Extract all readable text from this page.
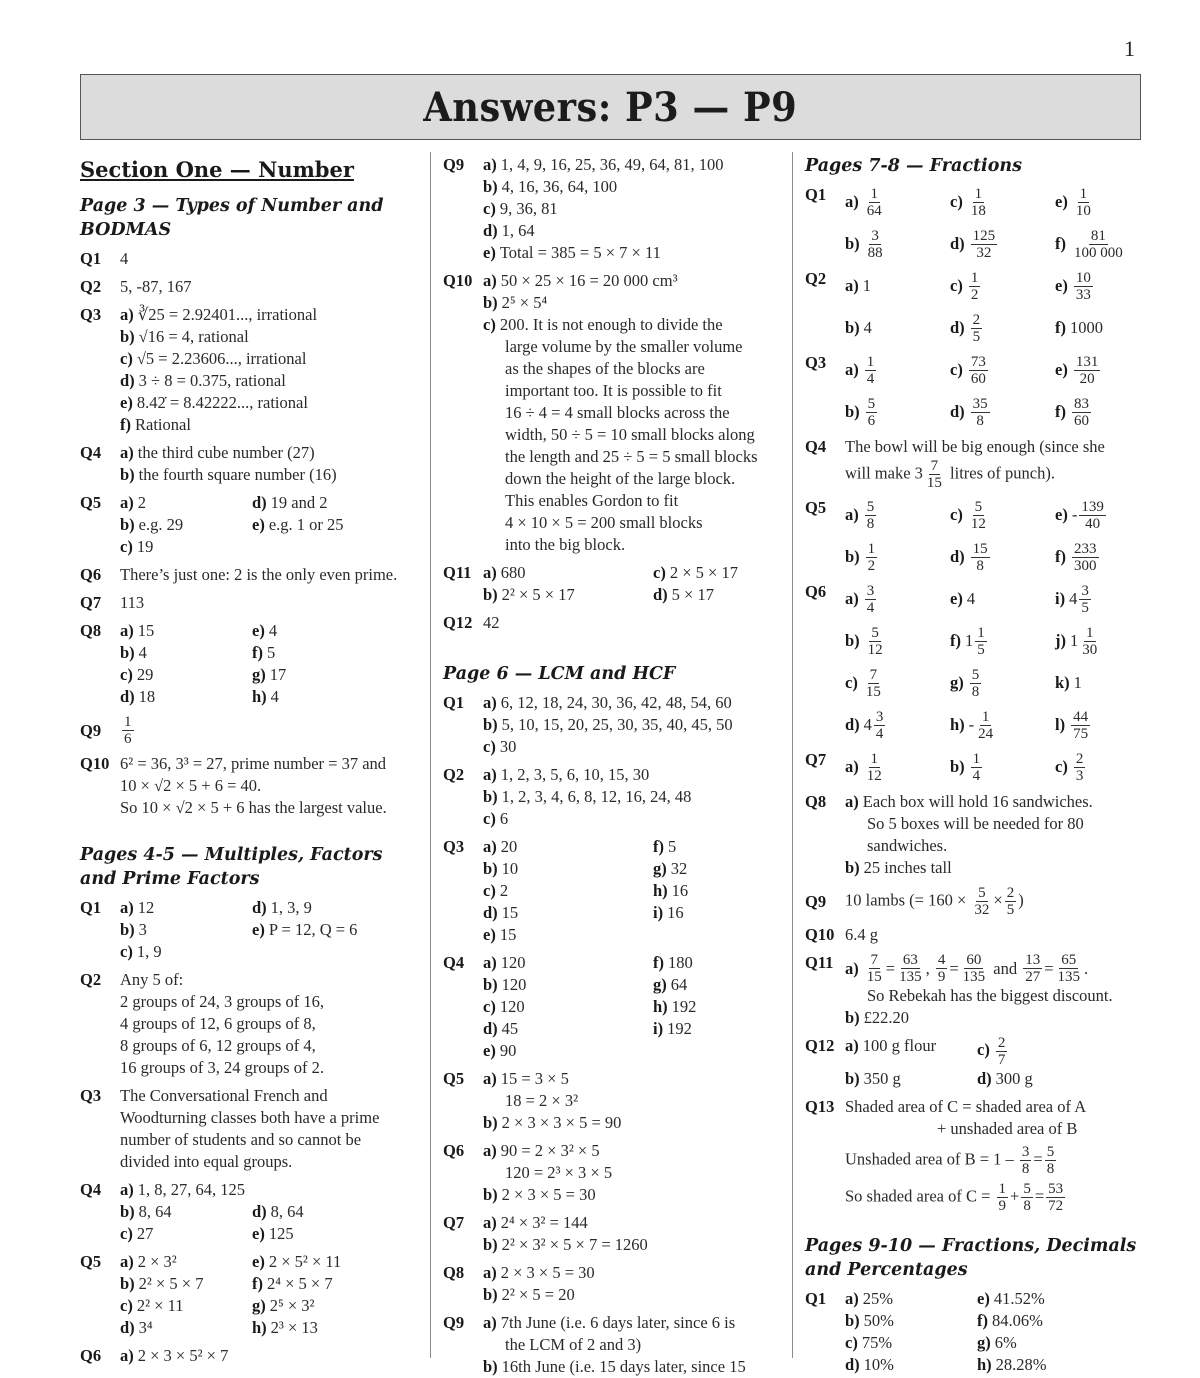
1
Answers: P3 — P9
Section One — Number
Page 3 — Types of Number and BODMAS
Q1	4
Q2	5, -87, 167
Q3	a) ∛25 = 2.92401..., irrational
b) √16 = 4, rational
c) √5 = 2.23606..., irrational
d) 3 ÷ 8 = 0.375, rational
e) 8.42̇ = 8.42222..., rational
f) Rational
Q4	a) the third cube number (27)
b) the fourth square number (16)
Q5	a) 2	d) 19 and 2
b) e.g. 29	e) e.g. 1 or 25
c) 19
Q6	There’s just one: 2 is the only even prime.
Q7	113
Q8	a) 15	e) 4
b) 4	f) 5
c) 29	g) 17
d) 18	h) 4
Q9	$\frac{1}{6}$
Q10 6² = 36, 3³ = 27, prime number = 37 and
10 × √2 × 5 + 6 = 40.
So 10 × √2 × 5 + 6 has the largest value.
Pages 4-5 — Multiples, Factors and Prime Factors
Q1	a) 12	d) 1, 3, 9
b) 3	e) P = 12, Q = 6
c) 1, 9
Q2	Any 5 of:
2 groups of 24, 3 groups of 16,
4 groups of 12, 6 groups of 8,
8 groups of 6, 12 groups of 4,
16 groups of 3, 24 groups of 2.
Q3	The Conversational French and Woodturning classes both have a prime number of students and so cannot be divided into equal groups.
Q4	a) 1, 8, 27, 64, 125
b) 8, 64	d) 8, 64
c) 27	e) 125
Q5	a) 2 × 3²	e) 2 × 5² × 11
b) 2² × 5 × 7	f) 2⁴ × 5 × 7
c) 2² × 11	g) 2⁵ × 3²
d) 3⁴	h) 2³ × 13
Q6	a) 2 × 3 × 5² × 7
Q9	a) 1, 4, 9, 16, 25, 36, 49, 64, 81, 100
b) 4, 16, 36, 64, 100
c) 9, 36, 81
d) 1, 64
e) Total = 385 = 5 × 7 × 11
Q10 a) 50 × 25 × 16 = 20 000 cm³
b) 2⁵ × 5⁴
c) 200. It is not enough to divide the
large volume by the smaller volume
as the shapes of the blocks are
important too. It is possible to fit
16 ÷ 4 = 4 small blocks across the
width, 50 ÷ 5 = 10 small blocks along
the length and 25 ÷ 5 = 5 small blocks
down the height of the large block.
This enables Gordon to fit
4 × 10 × 5 = 200 small blocks
into the big block.
Q11 a) 680	c) 2 × 5 × 17
b) 2² × 5 × 17	d) 5 × 17
Q12 42
Page 6 — LCM and HCF
Q1	a) 6, 12, 18, 24, 30, 36, 42, 48, 54, 60
b) 5, 10, 15, 20, 25, 30, 35, 40, 45, 50
c) 30
Q2	a) 1, 2, 3, 5, 6, 10, 15, 30
b) 1, 2, 3, 4, 6, 8, 12, 16, 24, 48
c) 6
Q3	a) 20	f) 5
b) 10	g) 32
c) 2	h) 16
d) 15	i) 16
e) 15
Q4	a) 120	f) 180
b) 120	g) 64
c) 120	h) 192
d) 45	i) 192
e) 90
Q5	a) 15 = 3 × 5
18 = 2 × 3²
b) 2 × 3 × 3 × 5 = 90
Q6	a) 90 = 2 × 3² × 5
120 = 2³ × 3 × 5
b) 2 × 3 × 5 = 30
Q7	a) 2⁴ × 3² = 144
b) 2² × 3² × 5 × 7 = 1260
Q8	a) 2 × 3 × 5 = 30
b) 2² × 5 = 20
Q9	a) 7th June (i.e. 6 days later, since 6 is
the LCM of 2 and 3)
b) 16th June (i.e. 15 days later, since 15
Pages 7-8 — Fractions
Q1	$a) \frac{1}{64}$	$c) \frac{1}{18}$	$e) \frac{1}{10}$
$b) \frac{3}{88}$	$d) \frac{125}{32}$	$f) \frac{81}{100 000}$
Q2	a) 1	$c) \frac{1}{2}$	$e) \frac{10}{33}$
b) 4	$d) \frac{2}{5}$	f) 1000
Q3	$a) \frac{1}{4}$	$c) \frac{73}{60}$	$e) \frac{131}{20}$
$b) \frac{5}{6}$	$d) \frac{35}{8}$	$f) \frac{83}{60}$
Q4	The bowl will be big enough (since she
will make $3 \frac{7}{15}$ litres of punch).
Q5	$a) \frac{5}{8}$	$c) \frac{5}{12}$	$e) - \frac{139}{40}$
$b) \frac{1}{2}$	$d) \frac{15}{8}$	$f) \frac{233}{300}$
Q6	$a) \frac{3}{4}$	e) 4	i) $4 \frac{3}{5}$
$b) \frac{5}{12}$	f) $1 \frac{1}{5}$	j) $1 \frac{1}{30}$
$c) \frac{7}{15}$	$g) \frac{5}{8}$	k) 1
d) $4 \frac{3}{4}$	$h) - \frac{1}{24}$	$l) \frac{44}{75}$
Q7	$a) \frac{1}{12}$	$b) \frac{1}{4}$	$c) \frac{2}{3}$
Q8	a) Each box will hold 16 sandwiches.
So 5 boxes will be needed for 80
sandwiches.
b) 25 inches tall
Q9	10 lambs (= $160 \times \frac{5}{32} \times \frac{2}{5}$ )
Q10 6.4 g
Q11 $a) \frac{7}{15} = \frac{63}{135}$ , $\frac{4}{9} = \frac{60}{135}$
and
$\frac{13}{27} = \frac{65}{135}$ .
So Rebekah has the biggest discount.
b) £22.20
Q12 a) 100 g flour	$c) \frac{2}{7}$
b) 350 g	d) 300 g
Q13 Shaded area of C = shaded area of A
+ unshaded area of B
Unshaded area of $B = 1 - \frac{3}{8} = \frac{5}{8}$
So shaded area of $C = \frac{1}{9} + \frac{5}{8} = \frac{53}{72}$
Pages 9-10 — Fractions, Decimals and Percentages
Q1	a) 25%	e) 41.52%
b) 50%	f) 84.06%
c) 75%	g) 6%
d) 10%	h) 28.28%
